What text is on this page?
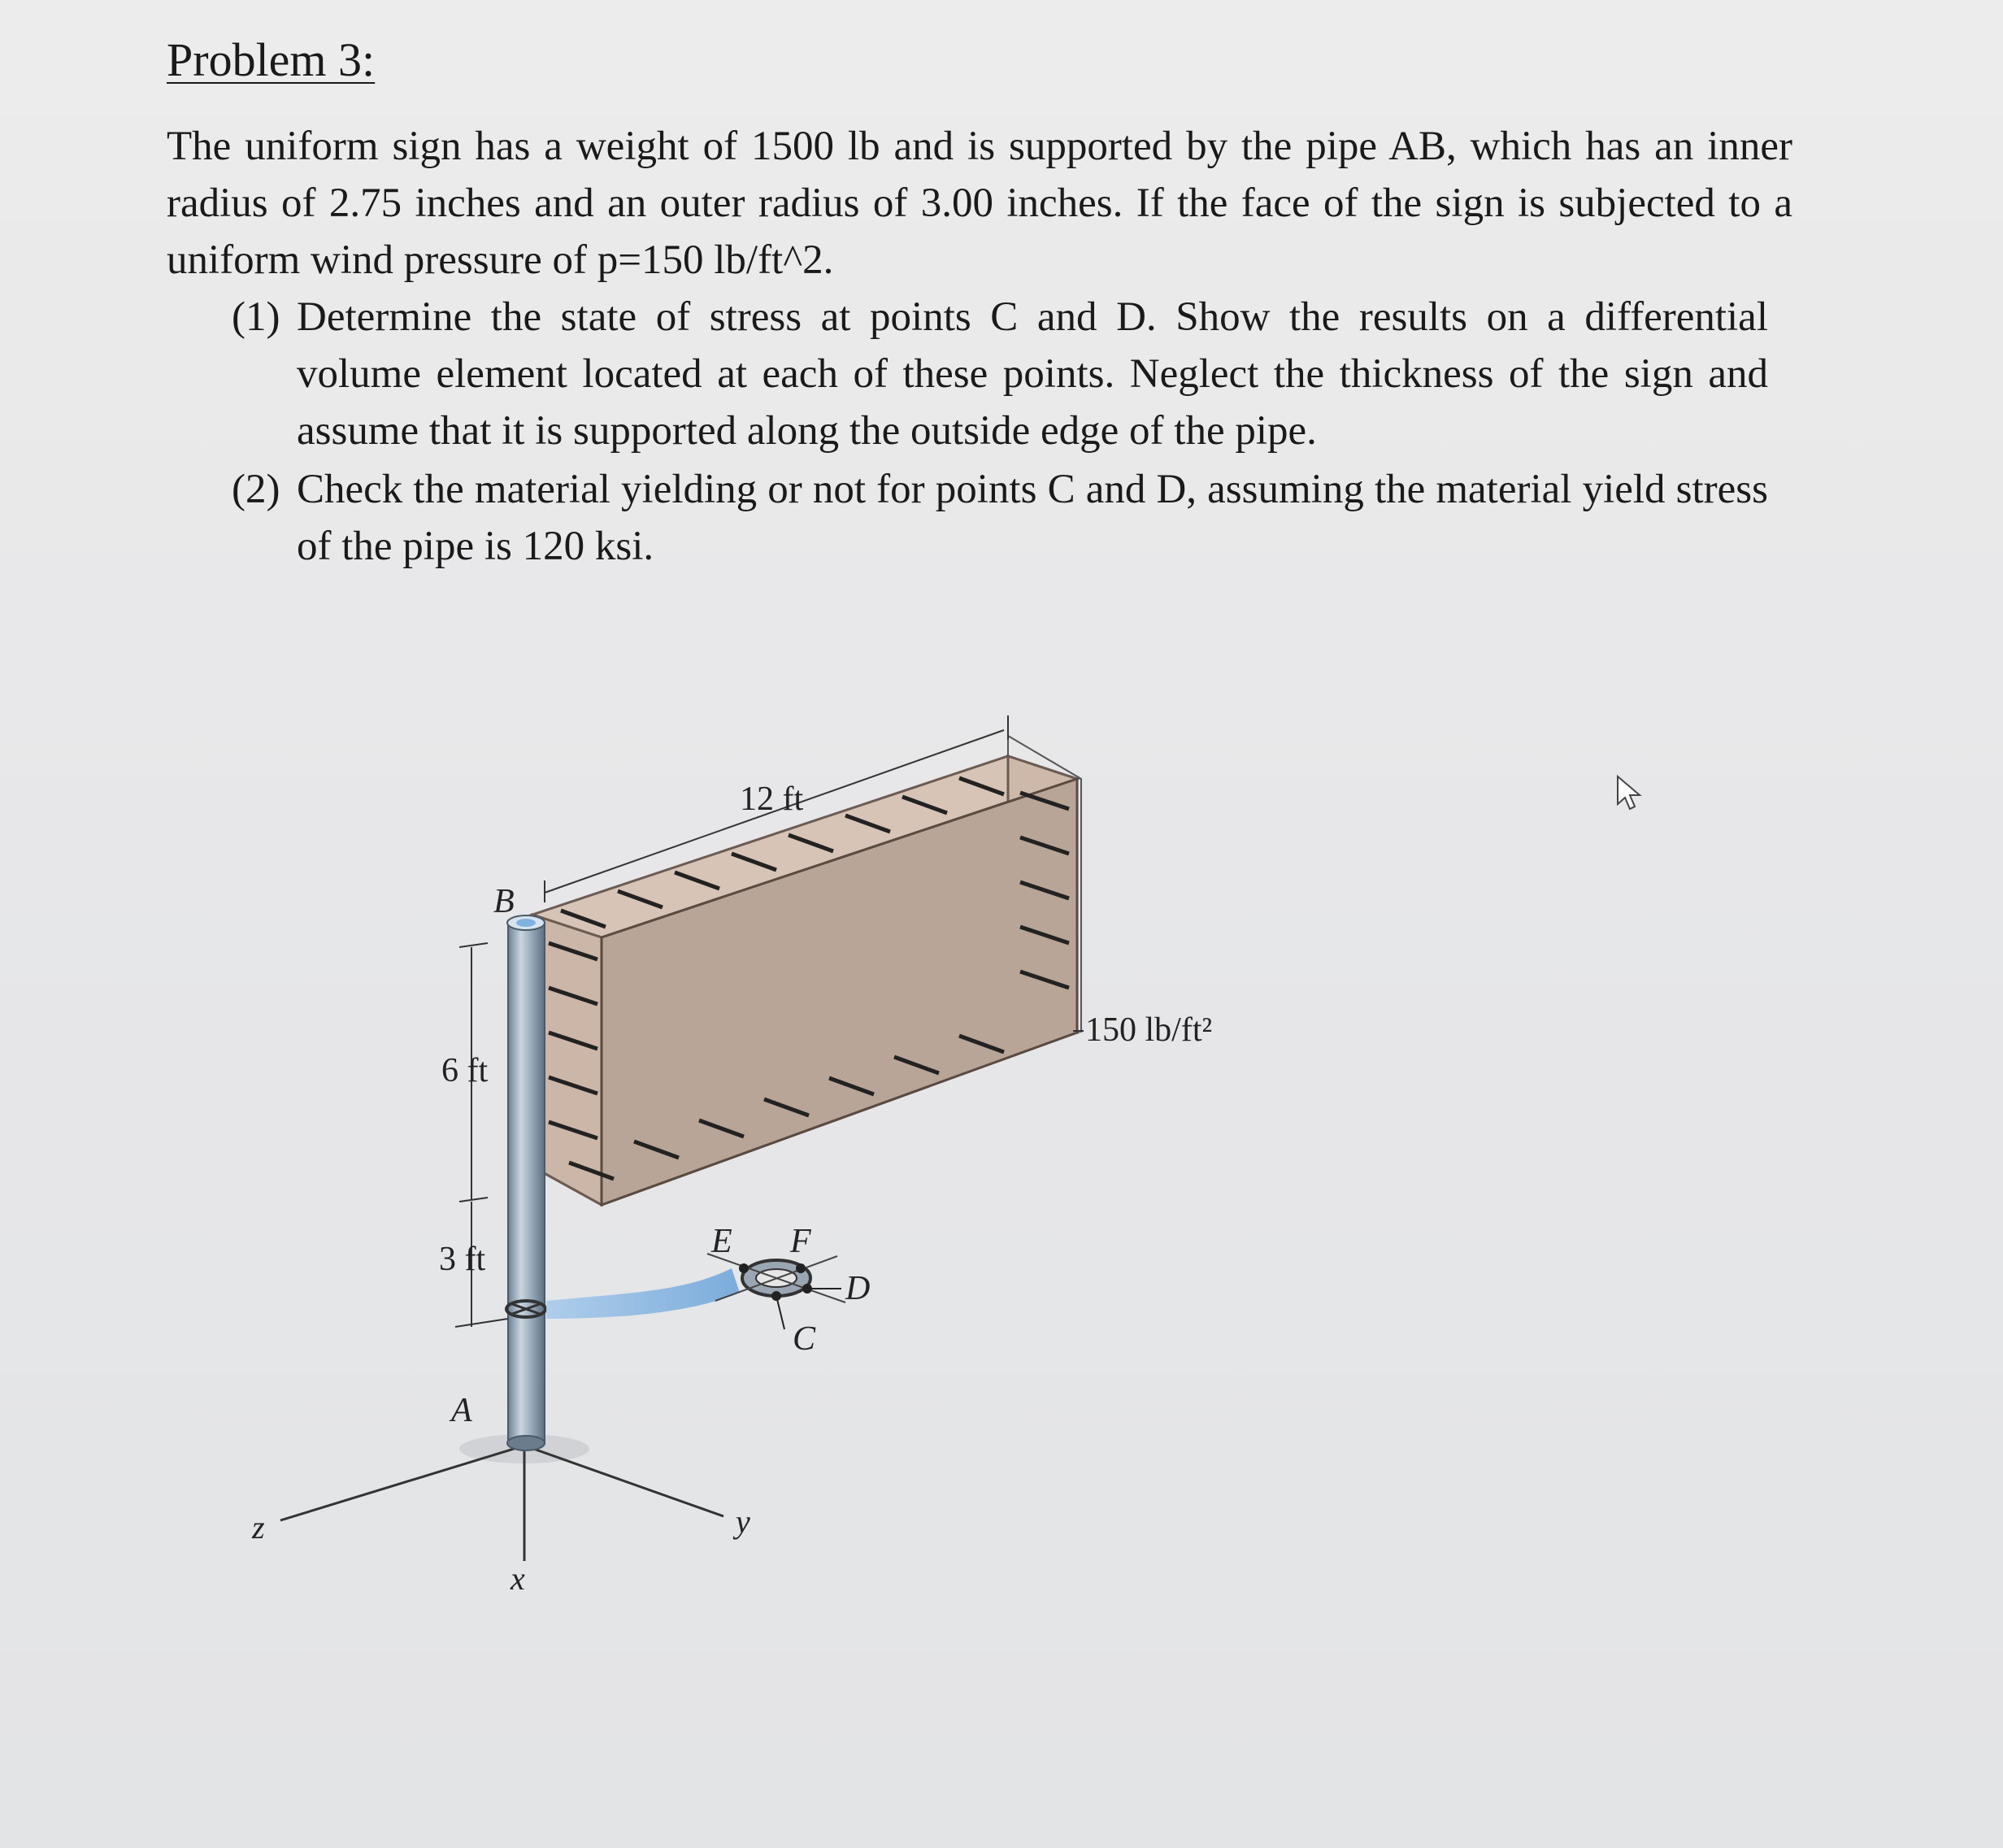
Problem 3:
The uniform sign has a weight of 1500 lb and is supported by the pipe AB, which has an inner radius of 2.75 inches and an outer radius of 3.00 inches. If the face of the sign is subjected to a uniform wind pressure of p=150 lb/ft^2.
(1) Determine the state of stress at points C and D. Show the results on a differential volume element located at each of these points. Neglect the thickness of the sign and assume that it is supported along the outside edge of the pipe.
(2) Check the material yielding or not for points C and D, assuming the material yield stress of the pipe is 120 ksi.
12 ft
6 ft
3 ft
150 lb/ft²
B
A
E F
D
C
z	y
x
